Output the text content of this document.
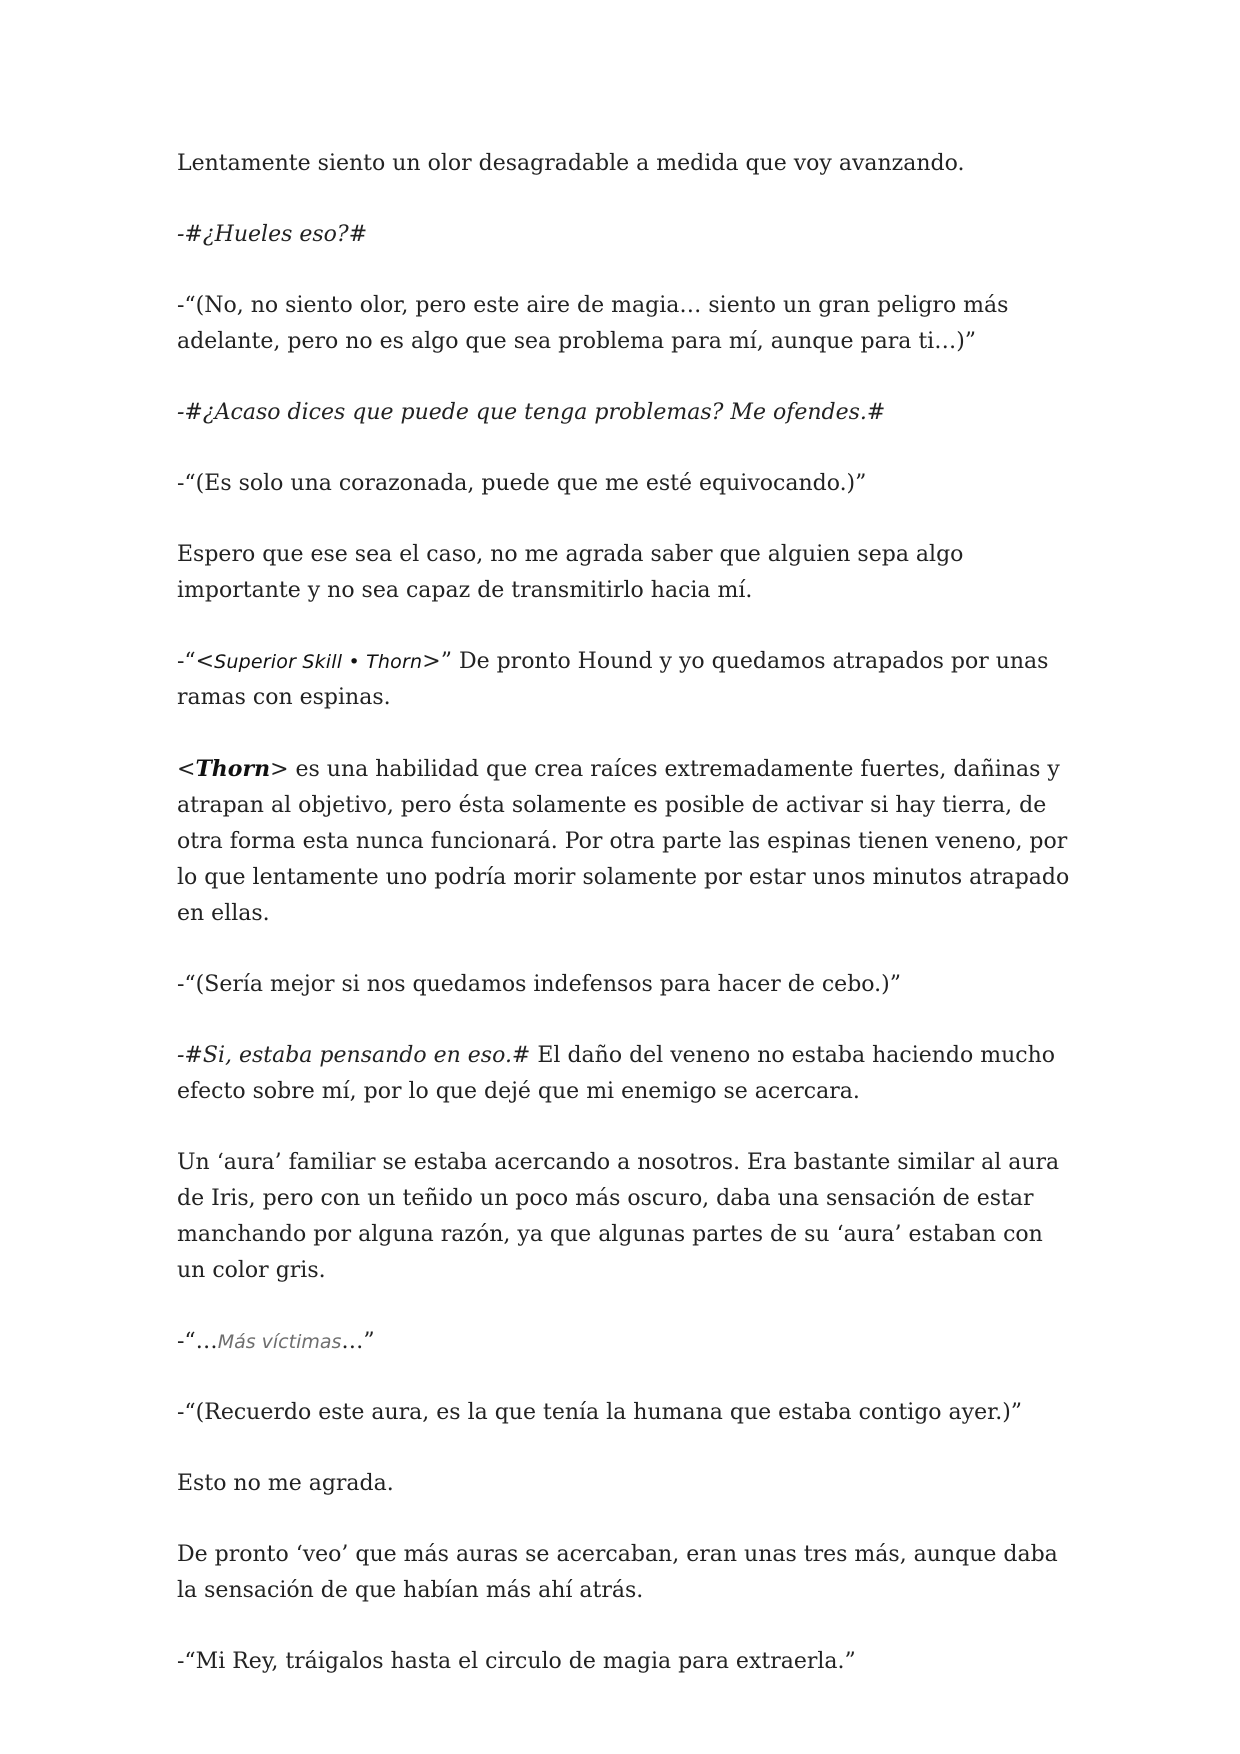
Lentamente siento un olor desagradable a medida que voy avanzando.

-#¿Hueles eso?#

-“(No, no siento olor, pero este aire de magia… siento un gran peligro más adelante, pero no es algo que sea problema para mí, aunque para ti…)”

-#¿Acaso dices que puede que tenga problemas? Me ofendes.#

-“(Es solo una corazonada, puede que me esté equivocando.)”

Espero que ese sea el caso, no me agrada saber que alguien sepa algo importante y no sea capaz de transmitirlo hacia mí.

-“<Superior Skill • Thorn>” De pronto Hound y yo quedamos atrapados por unas ramas con espinas.

<Thorn> es una habilidad que crea raíces extremadamente fuertes, dañinas y atrapan al objetivo, pero ésta solamente es posible de activar si hay tierra, de otra forma esta nunca funcionará. Por otra parte las espinas tienen veneno, por lo que lentamente uno podría morir solamente por estar unos minutos atrapado en ellas.

-“(Sería mejor si nos quedamos indefensos para hacer de cebo.)”

-#Si, estaba pensando en eso.# El daño del veneno no estaba haciendo mucho efecto sobre mí, por lo que dejé que mi enemigo se acercara.

Un ‘aura’ familiar se estaba acercando a nosotros. Era bastante similar al aura de Iris, pero con un teñido un poco más oscuro, daba una sensación de estar manchando por alguna razón, ya que algunas partes de su ‘aura’ estaban con un color gris.

-“…Más víctimas…”

-“(Recuerdo este aura, es la que tenía la humana que estaba contigo ayer.)”

Esto no me agrada.

De pronto ‘veo’ que más auras se acercaban, eran unas tres más, aunque daba la sensación de que habían más ahí atrás.

-“Mi Rey, tráigalos hasta el circulo de magia para extraerla.”
